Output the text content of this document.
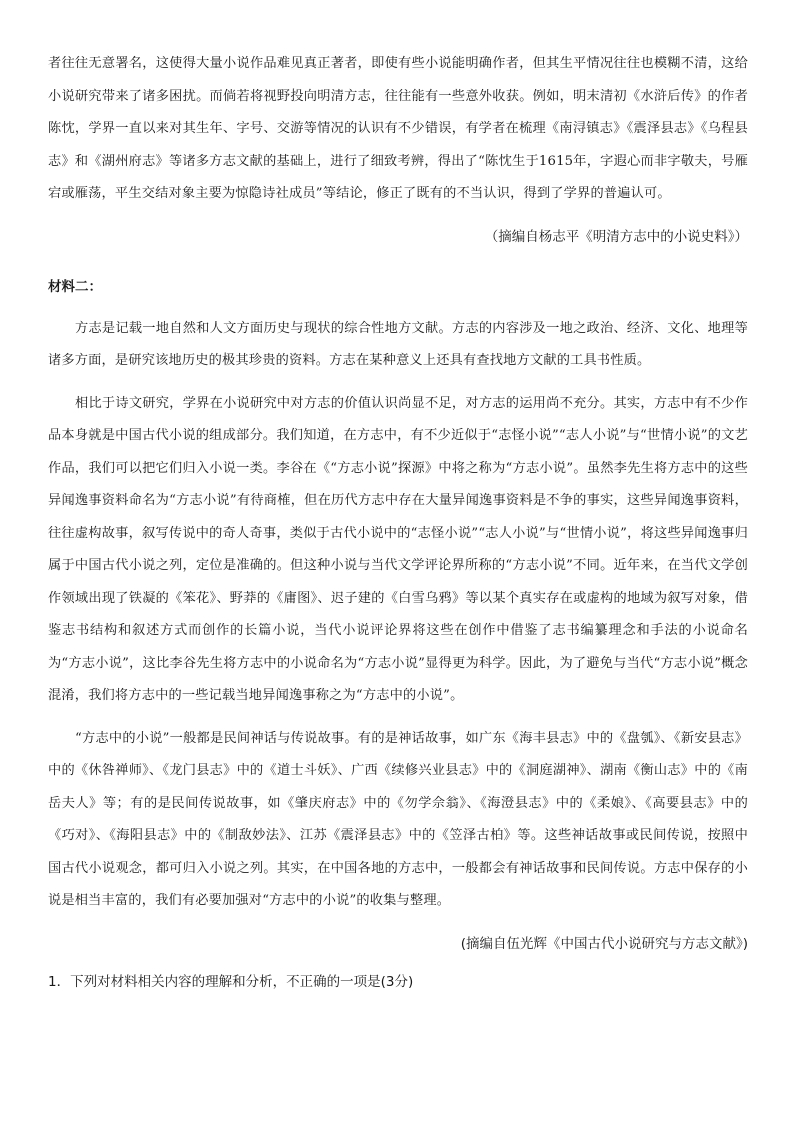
者往往无意署名，这使得大量小说作品难见真正著者，即使有些小说能明确作者，但其生平情况往往也模糊不清，这给小说研究带来了诸多困扰。而倘若将视野投向明清方志，往往能有一些意外收获。例如，明末清初《水浒后传》的作者陈忱，学界一直以来对其生年、字号、交游等情况的认识有不少错误，有学者在梳理《南浔镇志》《震泽县志》《乌程县志》和《湖州府志》等诸多方志文献的基础上，进行了细致考辨，得出了“陈忱生于1615年，字遐心而非字敬夫，号雁宕或雁荡，平生交结对象主要为惊隐诗社成员”等结论，修正了既有的不当认识，得到了学界的普遍认可。

（摘编自杨志平《明清方志中的小说史料》）

材料二：

方志是记载一地自然和人文方面历史与现状的综合性地方文献。方志的内容涉及一地之政治、经济、文化、地理等诸多方面，是研究该地历史的极其珍贵的资料。方志在某种意义上还具有查找地方文献的工具书性质。

相比于诗文研究，学界在小说研究中对方志的价值认识尚显不足，对方志的运用尚不充分。其实，方志中有不少作品本身就是中国古代小说的组成部分。我们知道，在方志中，有不少近似于“志怪小说”“志人小说”与“世情小说”的文艺作品，我们可以把它们归入小说一类。李谷在《“方志小说”探源》中将之称为“方志小说”。虽然李先生将方志中的这些异闻逸事资料命名为“方志小说”有待商榷，但在历代方志中存在大量异闻逸事资料是不争的事实，这些异闻逸事资料，往往虚构故事，叙写传说中的奇人奇事，类似于古代小说中的“志怪小说”“志人小说”与“世情小说”，将这些异闻逸事归属于中国古代小说之列，定位是准确的。但这种小说与当代文学评论界所称的“方志小说”不同。近年来，在当代文学创作领域出现了铁凝的《笨花》、野莽的《庸图》、迟子建的《白雪乌鸦》等以某个真实存在或虚构的地域为叙写对象，借鉴志书结构和叙述方式而创作的长篇小说，当代小说评论界将这些在创作中借鉴了志书编纂理念和手法的小说命名为“方志小说”，这比李谷先生将方志中的小说命名为“方志小说”显得更为科学。因此，为了避免与当代“方志小说”概念混淆，我们将方志中的一些记载当地异闻逸事称之为“方志中的小说”。

“方志中的小说”一般都是民间神话与传说故事。有的是神话故事，如广东《海丰县志》中的《盘瓠》、《新安县志》中的《休咎禅师》、《龙门县志》中的《道士斗妖》、广西《续修兴业县志》中的《洞庭湖神》、湖南《衡山志》中的《南岳夫人》等；有的是民间传说故事，如《肇庆府志》中的《勿学佘翁》、《海澄县志》中的《柔娘》、《高要县志》中的《巧对》、《海阳县志》中的《制敌妙法》、江苏《震泽县志》中的《笠泽古柏》等。这些神话故事或民间传说，按照中国古代小说观念，都可归入小说之列。其实，在中国各地的方志中，一般都会有神话故事和民间传说。方志中保存的小说是相当丰富的，我们有必要加强对“方志中的小说”的收集与整理。

(摘编自伍光辉《中国古代小说研究与方志文献》)

1．下列对材料相关内容的理解和分析，不正确的一项是(3分)
